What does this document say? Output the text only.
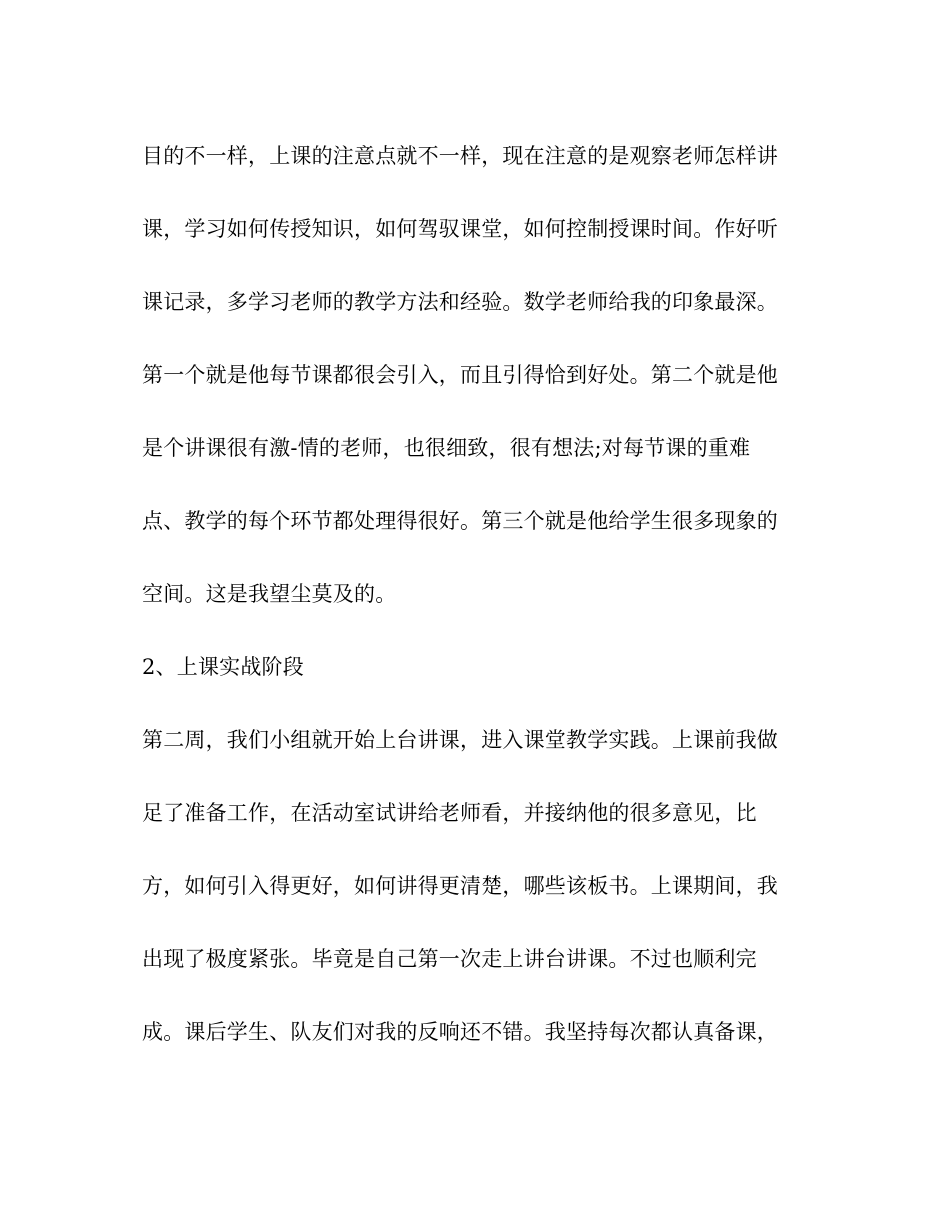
目的不一样，上课的注意点就不一样，现在注意的是观察老师怎样讲

课，学习如何传授知识，如何驾驭课堂，如何控制授课时间。作好听

课记录，多学习老师的教学方法和经验。数学老师给我的印象最深。

第一个就是他每节课都很会引入，而且引得恰到好处。第二个就是他

是个讲课很有激-情的老师，也很细致，很有想法;对每节课的重难

点、教学的每个环节都处理得很好。第三个就是他给学生很多现象的

空间。这是我望尘莫及的。

2、上课实战阶段

第二周，我们小组就开始上台讲课，进入课堂教学实践。上课前我做

足了准备工作，在活动室试讲给老师看，并接纳他的很多意见，比

方，如何引入得更好，如何讲得更清楚，哪些该板书。上课期间，我

出现了极度紧张。毕竟是自己第一次走上讲台讲课。不过也顺利完

成。课后学生、队友们对我的反响还不错。我坚持每次都认真备课，
